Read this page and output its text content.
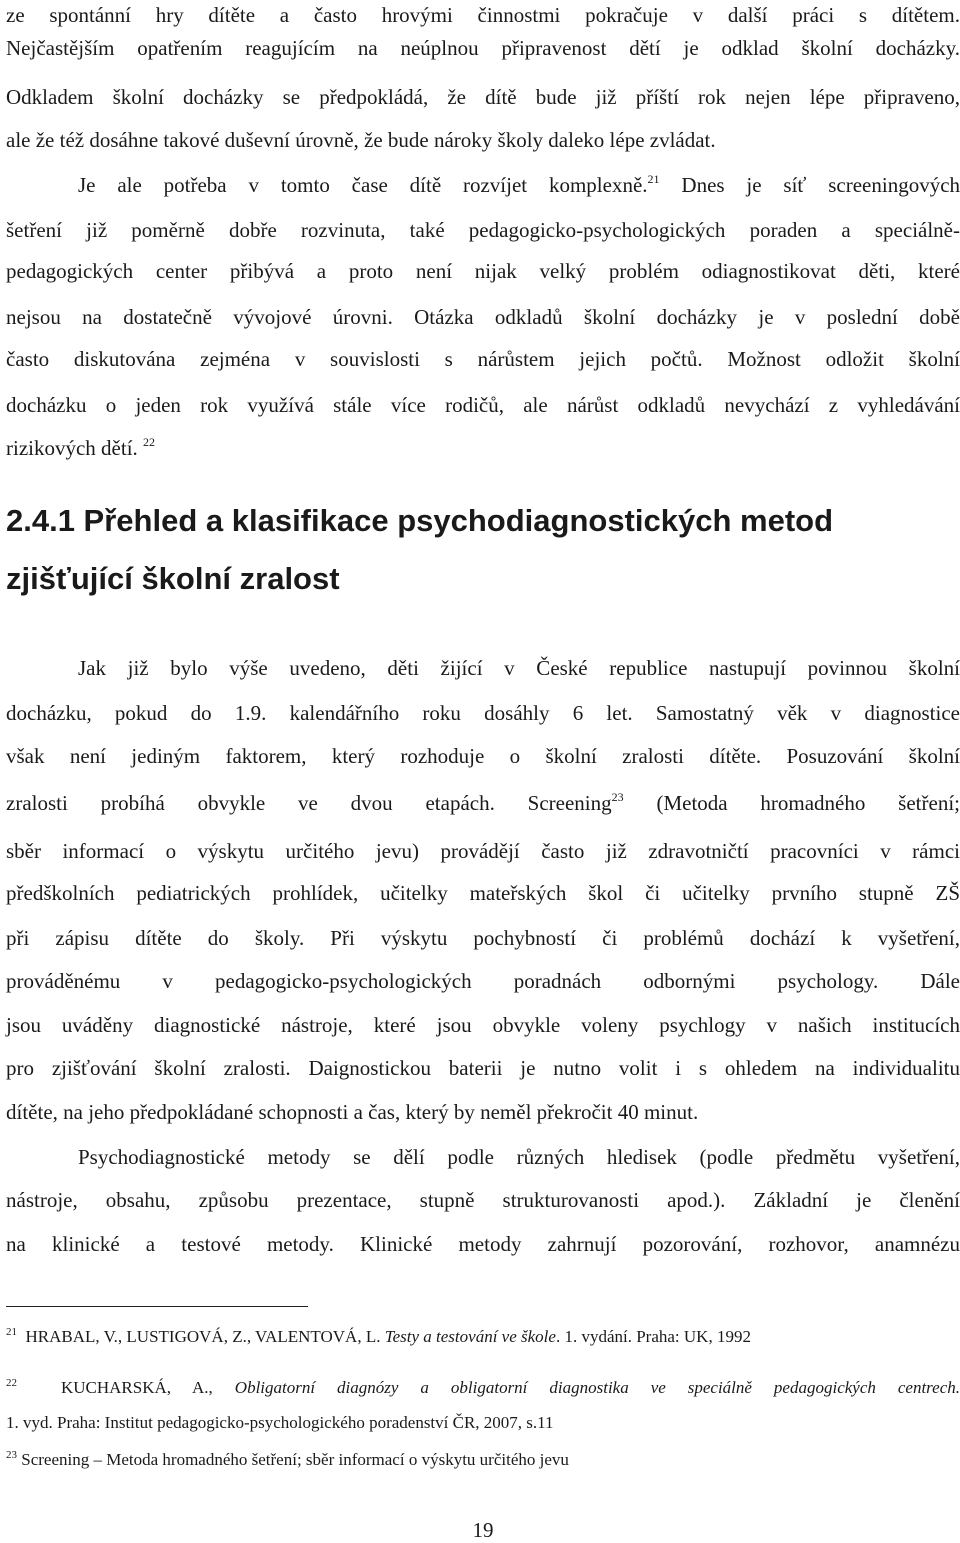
ze spontánní hry dítěte a často hrovými činnostmi pokračuje v další práci s dítětem.
Nejčastějším opatřením reagujícím na neúplnou připravenost dětí je odklad školní docházky.
Odkladem školní docházky se předpokládá, že dítě bude již příští rok nejen lépe připraveno,
ale že též dosáhne takové duševní úrovně, že bude nároky školy daleko lépe zvládat.
Je ale potřeba v tomto čase dítě rozvíjet komplexně.$^{21}$ Dnes je síť screeningových
šetření již poměrně dobře rozvinuta, také pedagogicko-psychologických poraden a speciálně-
pedagogických center přibývá a proto není nijak velký problém odiagnostikovat děti, které
nejsou na dostatečně vývojové úrovni. Otázka odkladů školní docházky je v poslední době
často diskutována zejména v souvislosti s nárůstem jejich počtů. Možnost odložit školní
docházku o jeden rok využívá stále více rodičů, ale nárůst odkladů nevychází z vyhledávání
rizikových dětí. $^{22}$
2.4.1 Přehled a klasifikace psychodiagnostických metod
zjišťující školní zralost
Jak již bylo výše uvedeno, děti žijící v České republice nastupují povinnou školní
docházku, pokud do 1.9. kalendářního roku dosáhly 6 let. Samostatný věk v diagnostice
však není jediným faktorem, který rozhoduje o školní zralosti dítěte. Posuzování školní
zralosti probíhá obvykle ve dvou etapách. Screening$^{23}$ (Metoda hromadného šetření;
sběr informací o výskytu určitého jevu) provádějí často již zdravotničtí pracovníci v rámci
předškolních pediatrických prohlídek, učitelky mateřských škol či učitelky prvního stupně ZŠ
při zápisu dítěte do školy. Při výskytu pochybností či problémů dochází k vyšetření,
prováděnému v pedagogicko-psychologických poradnách odbornými psychology. Dále
jsou uváděny diagnostické nástroje, které jsou obvykle voleny psychlogy v našich institucích
pro zjišťování školní zralosti. Daignostickou baterii je nutno volit i s ohledem na individualitu
dítěte, na jeho předpokládané schopnosti a čas, který by neměl překročit 40 minut.
Psychodiagnostické metody se dělí podle různých hledisek (podle předmětu vyšetření,
nástroje, obsahu, způsobu prezentace, stupně strukturovanosti apod.). Základní je členění
na klinické a testové metody. Klinické metody zahrnují pozorování, rozhovor, anamnézu
$^{21}$ HRABAL, V., LUSTIGOVÁ, Z., VALENTOVÁ, L. Testy a testování ve škole. 1. vydání. Praha: UK, 1992
$^{22}$	KUCHARSKÁ, A., Obligatorní diagnózy a obligatorní diagnostika ve speciálně pedagogických centrech.
1. vyd. Praha: Institut pedagogicko-psychologického poradenství ČR, 2007, s.11
$^{23}$ Screening – Metoda hromadného šetření; sběr informací o výskytu určitého jevu
19
